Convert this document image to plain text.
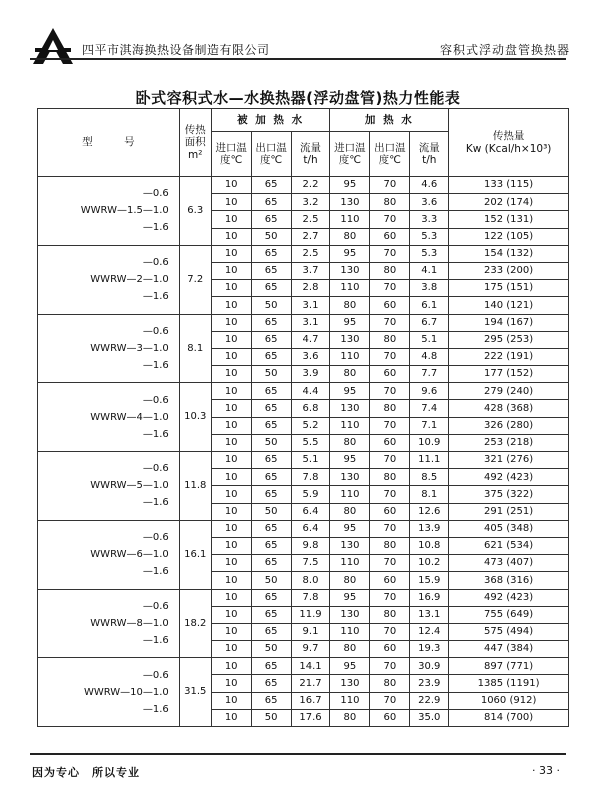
四平市淇海换热设备制造有限公司	容积式浮动盘管换热器
卧式容积式水—水换热器(浮动盘管)热力性能表
型　　　号	传热面积m²	被 加 热 水			加 热 水			传热量
Kw (Kcal/h×10³)

		进口温度℃	出口温度℃	流量 t/h	进口温度℃	出口温度℃	流量 t/h	

—0.6
WWRW—1.5—1.0
—1.6	6.3	10	65	2.2	95	70	4.6	133 (115)
		10	65	3.2	130	80	3.6	202 (174)
		10	65	2.5	110	70	3.3	152 (131)
		10	50	2.7	80	60	5.3	122 (105)

—0.6
WWRW—2—1.0
—1.6	7.2	10	65	2.5	95	70	5.3	154 (132)
		10	65	3.7	130	80	4.1	233 (200)
		10	65	2.8	110	70	3.8	175 (151)
		10	50	3.1	80	60	6.1	140 (121)

—0.6
WWRW—3—1.0
—1.6	8.1	10	65	3.1	95	70	6.7	194 (167)
		10	65	4.7	130	80	5.1	295 (253)
		10	65	3.6	110	70	4.8	222 (191)
		10	50	3.9	80	60	7.7	177 (152)

—0.6
WWRW—4—1.0
—1.6	10.3	10	65	4.4	95	70	9.6	279 (240)
		10	65	6.8	130	80	7.4	428 (368)
		10	65	5.2	110	70	7.1	326 (280)
		10	50	5.5	80	60	10.9	253 (218)

—0.6
WWRW—5—1.0
—1.6	11.8	10	65	5.1	95	70	11.1	321 (276)
		10	65	7.8	130	80	8.5	492 (423)
		10	65	5.9	110	70	8.1	375 (322)
		10	50	6.4	80	60	12.6	291 (251)

—0.6
WWRW—6—1.0
—1.6	16.1	10	65	6.4	95	70	13.9	405 (348)
		10	65	9.8	130	80	10.8	621 (534)
		10	65	7.5	110	70	10.2	473 (407)
		10	50	8.0	80	60	15.9	368 (316)

—0.6
WWRW—8—1.0
—1.6	18.2	10	65	7.8	95	70	16.9	492 (423)
		10	65	11.9	130	80	13.1	755 (649)
		10	65	9.1	110	70	12.4	575 (494)
		10	50	9.7	80	60	19.3	447 (384)

—0.6
WWRW—10—1.0
—1.6	31.5	10	65	14.1	95	70	30.9	897 (771)
		10	65	21.7	130	80	23.9	1385 (1191)
		10	65	16.7	110	70	22.9	1060 (912)
		10	50	17.6	80	60	35.0	814 (700)
因为专心　所以专业	· 33 ·
